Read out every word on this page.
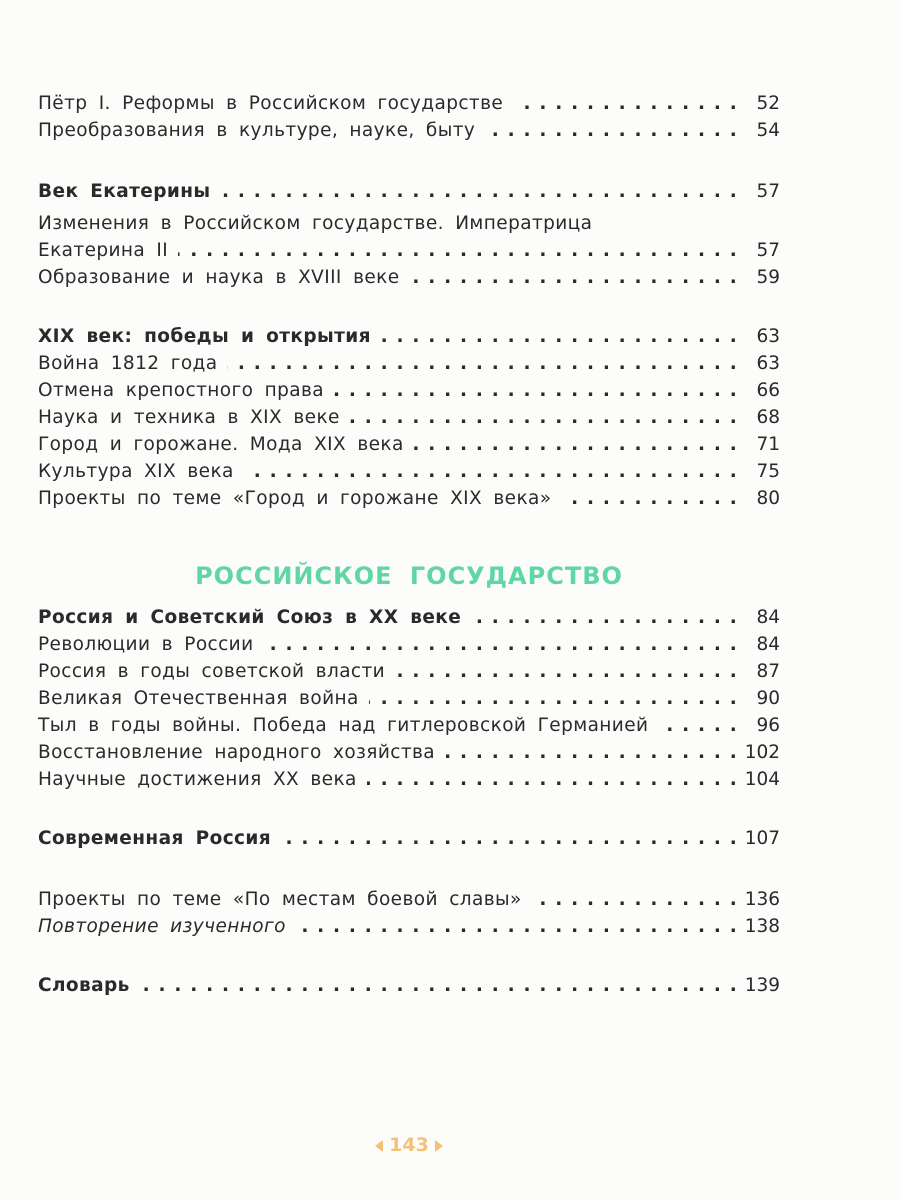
Пётр I. Реформы в Российском государстве . . .	52
Преобразования в культуре, науке, быту . . .	54
Век Екатерины . . .	57
Изменения в Российском государстве. Императрица
Екатерина II . . .	57
Образование и наука в XVIII веке . . .	59
XIX век: победы и открытия . . .	63
Война 1812 года . . .	63
Отмена крепостного права . . .	66
Наука и техника в XIX веке . . .	68
Город и горожане. Мода XIX века . . .	71
Культура XIX века . . .	75
Проекты по теме «Город и горожане XIX века» . . .	80
Россия и Советский Союз в XX веке . . .	84
Революции в России . . .	84
Россия в годы советской власти . . .	87
Великая Отечественная война . . .	90
Тыл в годы войны. Победа над гитлеровской Германией . . .	96
Восстановление народного хозяйства . . .	102
Научные достижения XX века . . .	104
Современная Россия . . .	107
Проекты по теме «По местам боевой славы» . . .	136
Повторение изученного . . .	138
Словарь . . .	139
РОССИЙСКОЕ ГОСУДАРСТВО
143
